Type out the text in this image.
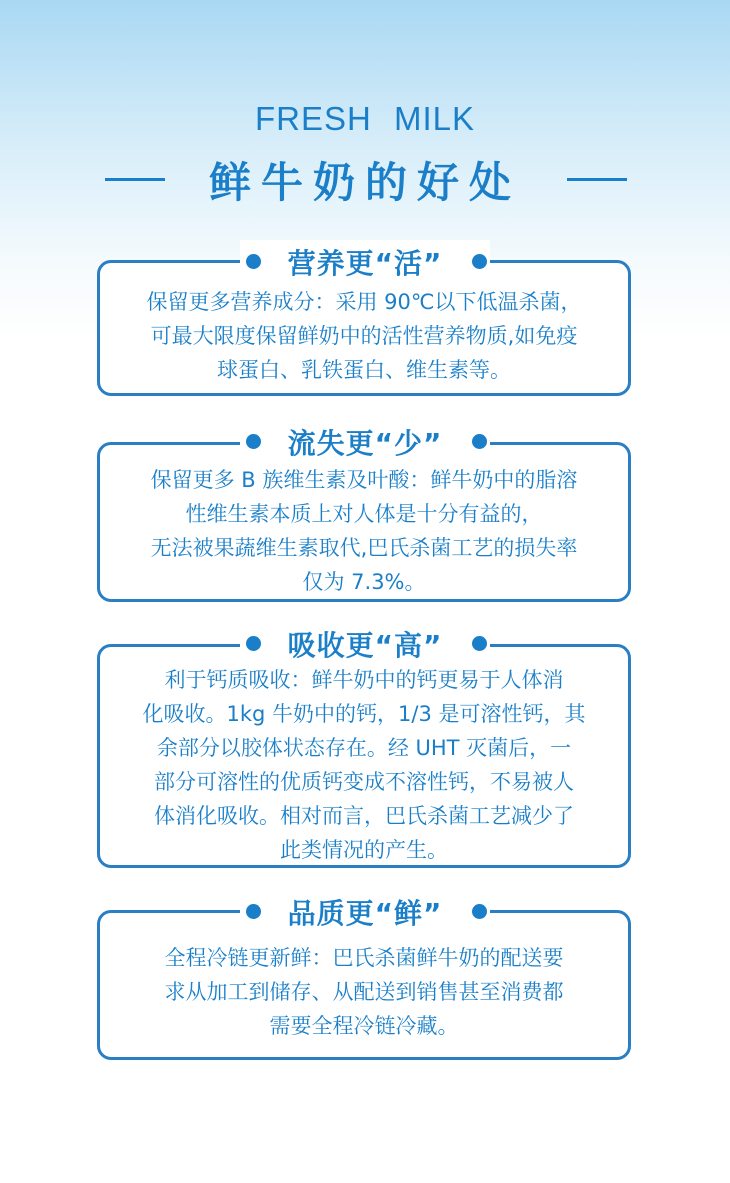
FRESH MILK
鲜牛奶的好处
保留更多营养成分：采用 90℃以下低温杀菌，
可最大限度保留鲜奶中的活性营养物质,如免疫
球蛋白、乳铁蛋白、维生素等。
营养更“活”
保留更多 B 族维生素及叶酸：鲜牛奶中的脂溶
性维生素本质上对人体是十分有益的，
无法被果蔬维生素取代,巴氏杀菌工艺的损失率
仅为 7.3%。
流失更“少”
利于钙质吸收：鲜牛奶中的钙更易于人体消
化吸收。1kg 牛奶中的钙，1/3 是可溶性钙，其
余部分以胶体状态存在。经 UHT 灭菌后，一
部分可溶性的优质钙变成不溶性钙，不易被人
体消化吸收。相对而言，巴氏杀菌工艺减少了
此类情况的产生。
吸收更“高”
全程冷链更新鲜：巴氏杀菌鲜牛奶的配送要
求从加工到储存、从配送到销售甚至消费都
需要全程冷链冷藏。
品质更“鲜”
